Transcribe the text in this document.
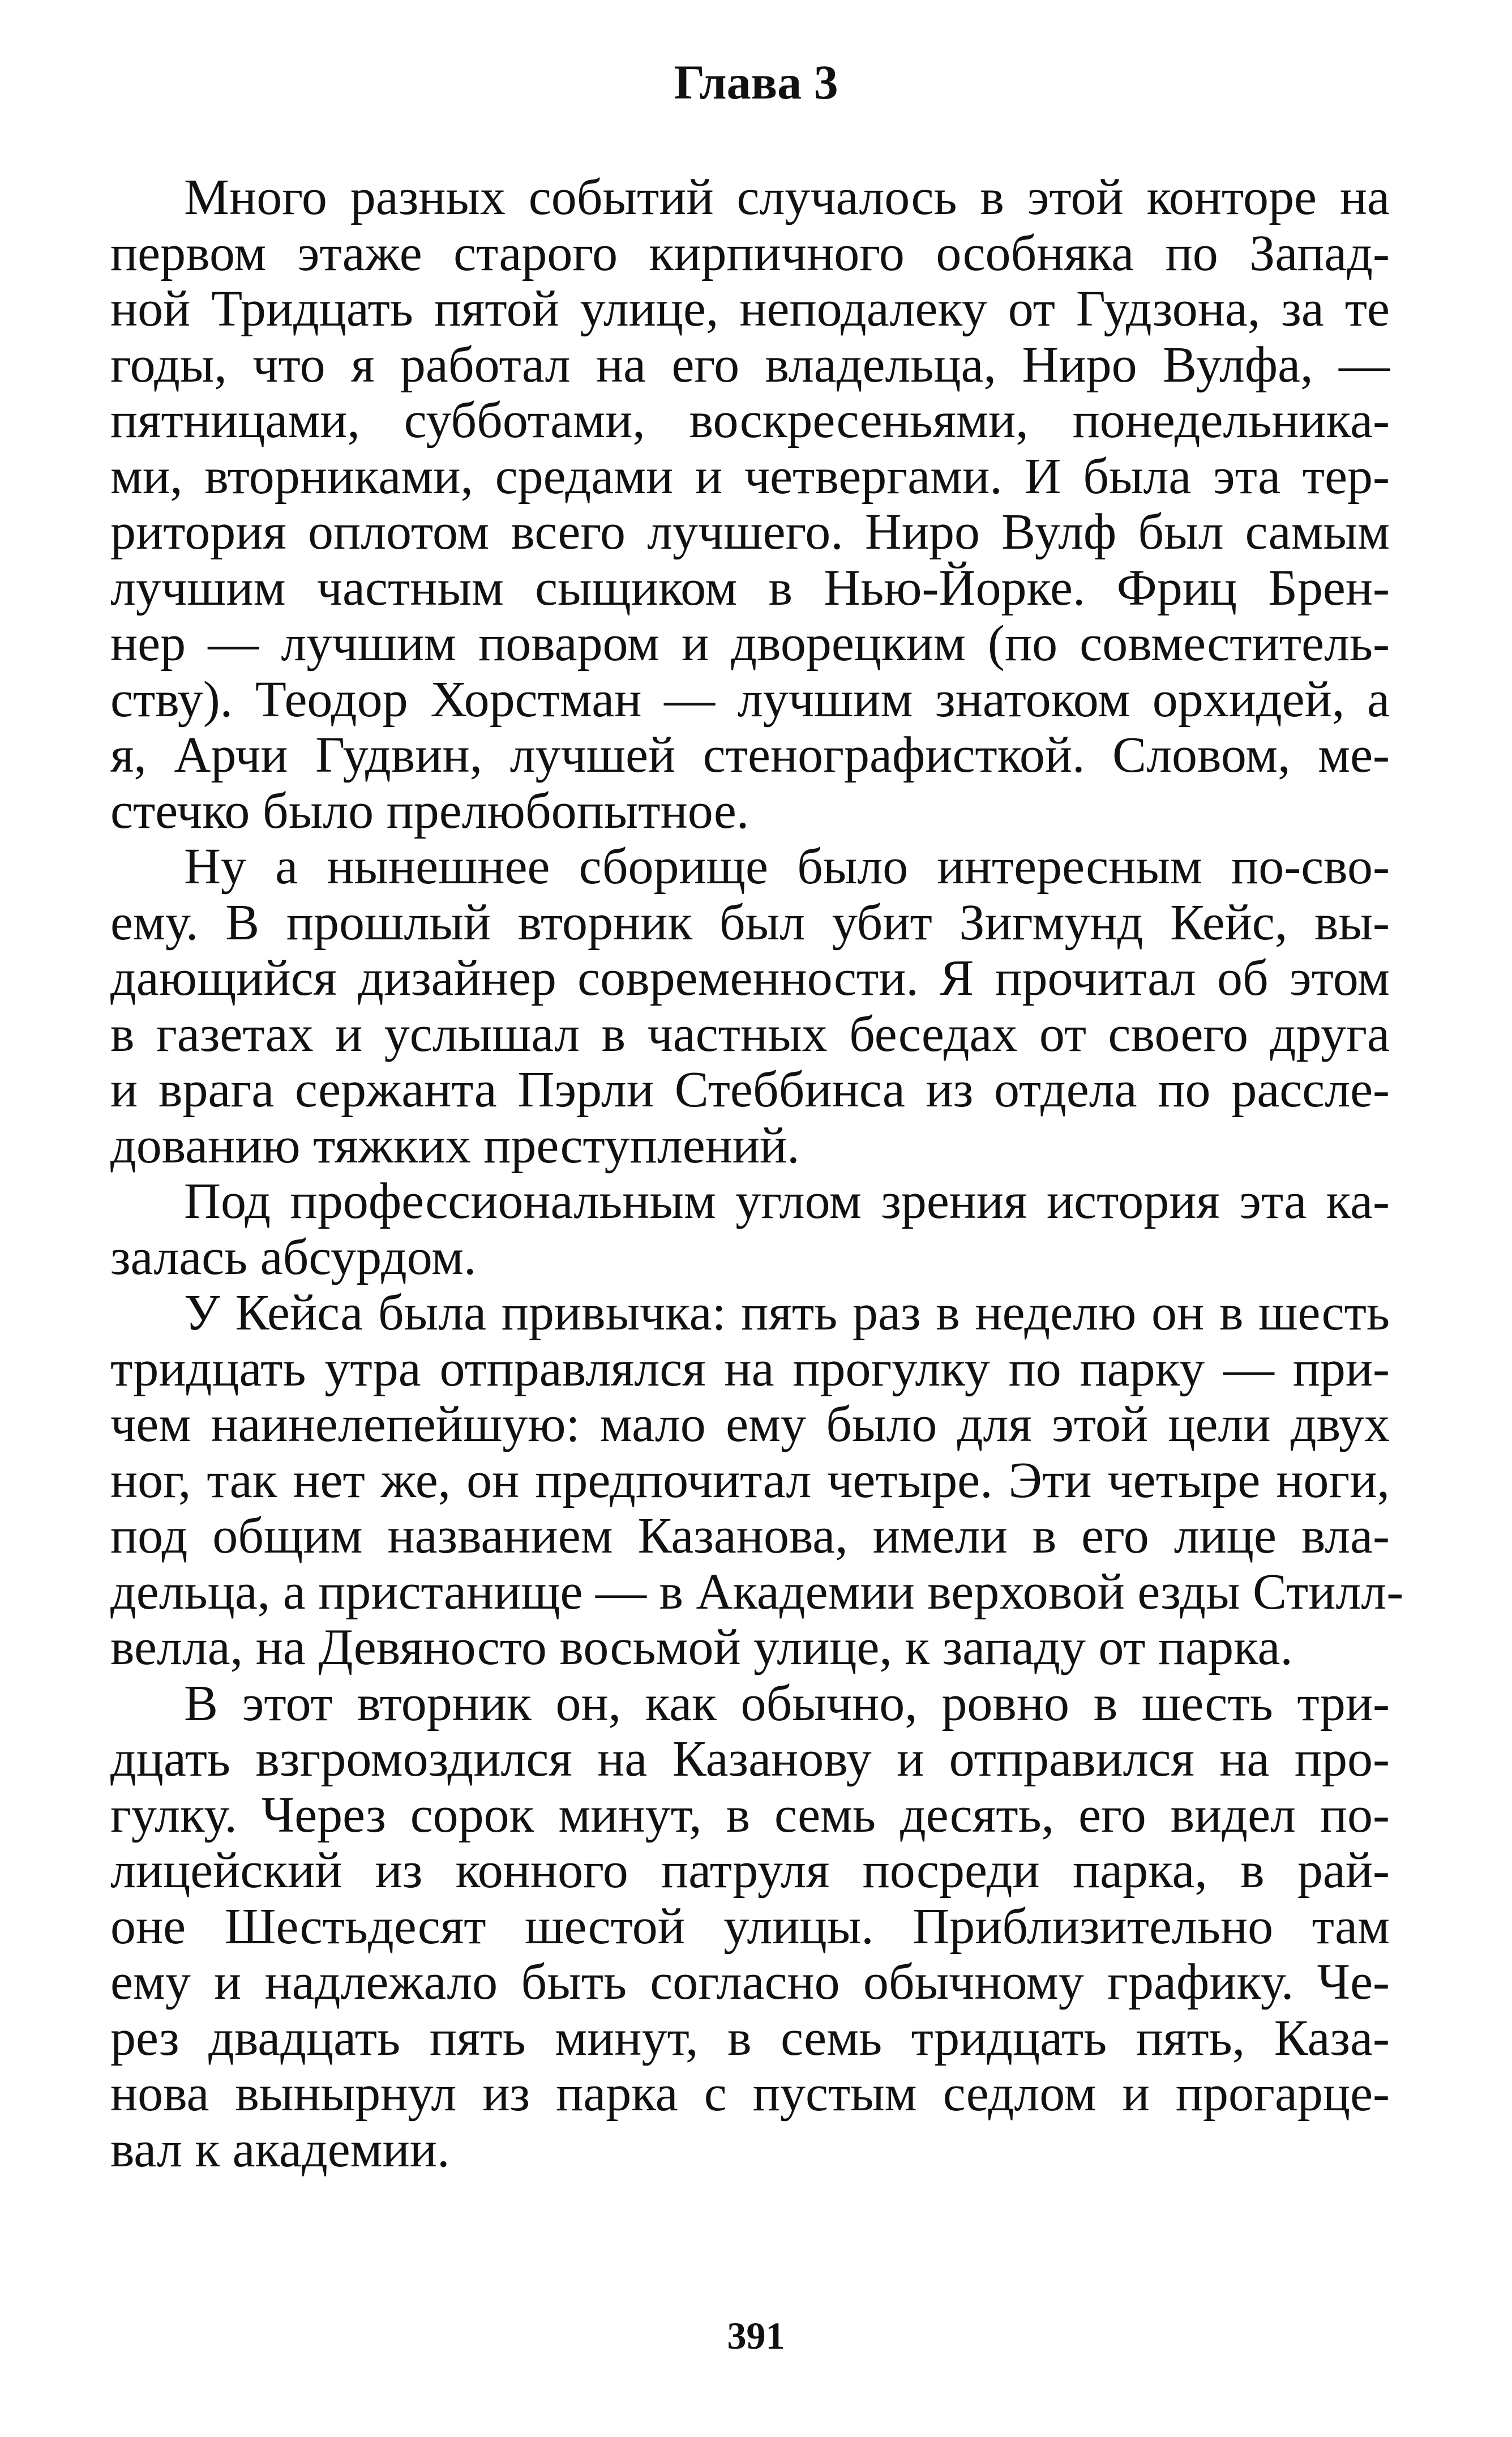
Глава 3
Много разных событий случалось в этой конторе на
первом этаже старого кирпичного особняка по Запад-
ной Тридцать пятой улице, неподалеку от Гудзона, за те
годы, что я работал на его владельца, Ниро Вулфа, —
пятницами, субботами, воскресеньями, понедельника-
ми, вторниками, средами и четвергами. И была эта тер-
ритория оплотом всего лучшего. Ниро Вулф был самым
лучшим частным сыщиком в Нью-Йорке. Фриц Брен-
нер — лучшим поваром и дворецким (по совместитель-
ству). Теодор Хорстман — лучшим знатоком орхидей, а
я, Арчи Гудвин, лучшей стенографисткой. Словом, ме-
стечко было прелюбопытное.
Ну а нынешнее сборище было интересным по-сво-
ему. В прошлый вторник был убит Зигмунд Кейс, вы-
дающийся дизайнер современности. Я прочитал об этом
в газетах и услышал в частных беседах от своего друга
и врага сержанта Пэрли Стеббинса из отдела по рассле-
дованию тяжких преступлений.
Под профессиональным углом зрения история эта ка-
залась абсурдом.
У Кейса была привычка: пять раз в неделю он в шесть
тридцать утра отправлялся на прогулку по парку — при-
чем наинелепейшую: мало ему было для этой цели двух
ног, так нет же, он предпочитал четыре. Эти четыре ноги,
под общим названием Казанова, имели в его лице вла-
дельца, а пристанище — в Академии верховой езды Стилл-
велла, на Девяносто восьмой улице, к западу от парка.
В этот вторник он, как обычно, ровно в шесть три-
дцать взгромоздился на Казанову и отправился на про-
гулку. Через сорок минут, в семь десять, его видел по-
лицейский из конного патруля посреди парка, в рай-
оне Шестьдесят шестой улицы. Приблизительно там
ему и надлежало быть согласно обычному графику. Че-
рез двадцать пять минут, в семь тридцать пять, Каза-
нова вынырнул из парка с пустым седлом и прогарце-
вал к академии.
391
